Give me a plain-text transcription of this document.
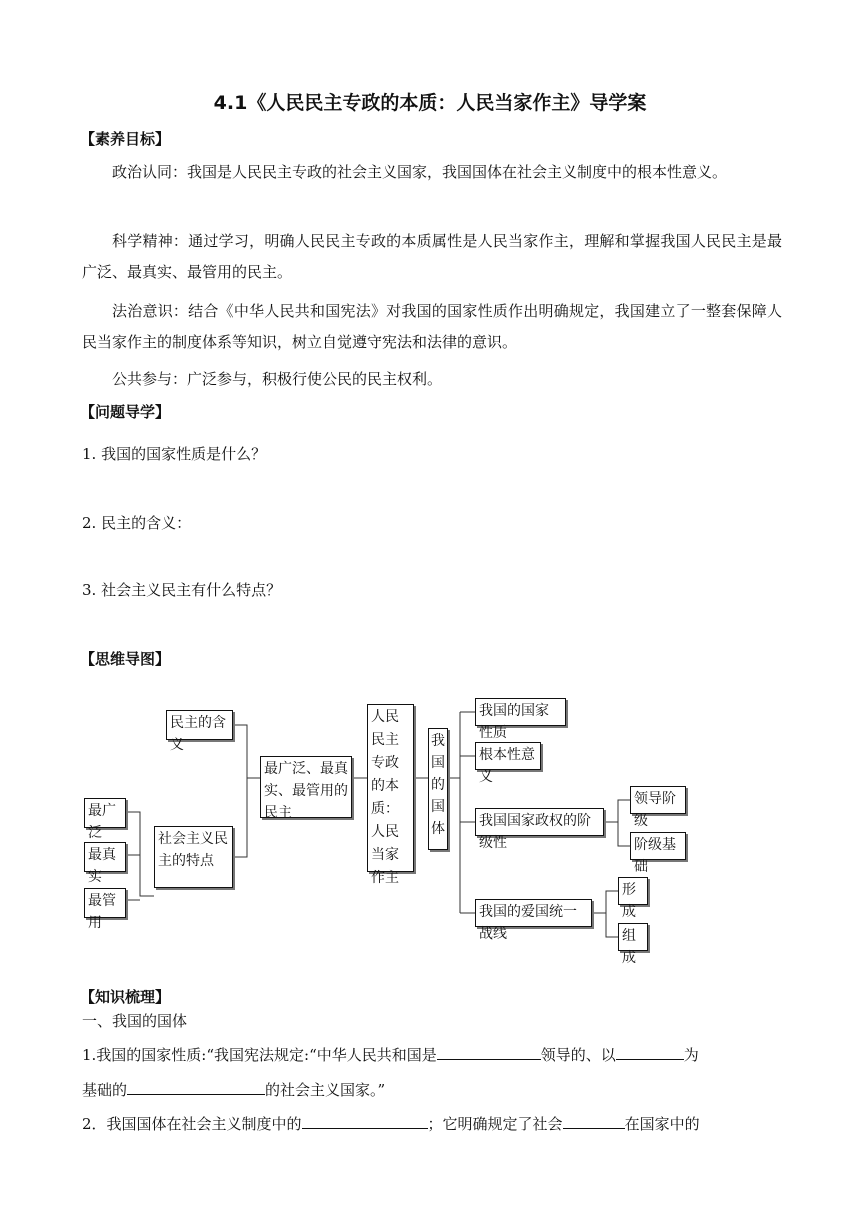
4.1《人民民主专政的本质：人民当家作主》导学案
【素养目标】
政治认同：我国是人民民主专政的社会主义国家，我国国体在社会主义制度中的根本性意义。
科学精神：通过学习，明确人民民主专政的本质属性是人民当家作主，理解和掌握我国人民民主是最广泛、最真实、最管用的民主。
法治意识：结合《中华人民共和国宪法》对我国的国家性质作出明确规定，我国建立了一整套保障人民当家作主的制度体系等知识，树立自觉遵守宪法和法律的意识。
公共参与：广泛参与，积极行使公民的民主权利。
【问题导学】
1. 我国的国家性质是什么？
2. 民主的含义：
3. 社会主义民主有什么特点？
【思维导图】
民主的含义
社会主义民主的特点
最广泛
最真实
最管用
最广泛、最真实、最管用的民主
人民民主专政的本质：人民当家作主
我国的国体
我国的国家性质
根本性意义
我国国家政权的阶级性
领导阶级
阶级基础
我国的爱国统一战线
形成
组成
【知识梳理】
一、我国的国体
1.我国的国家性质:“我国宪法规定:“中华人民共和国是	领导的、以	为
基础的	的社会主义国家。”
2．我国国体在社会主义制度中的	；它明确规定了社会	在国家中的
